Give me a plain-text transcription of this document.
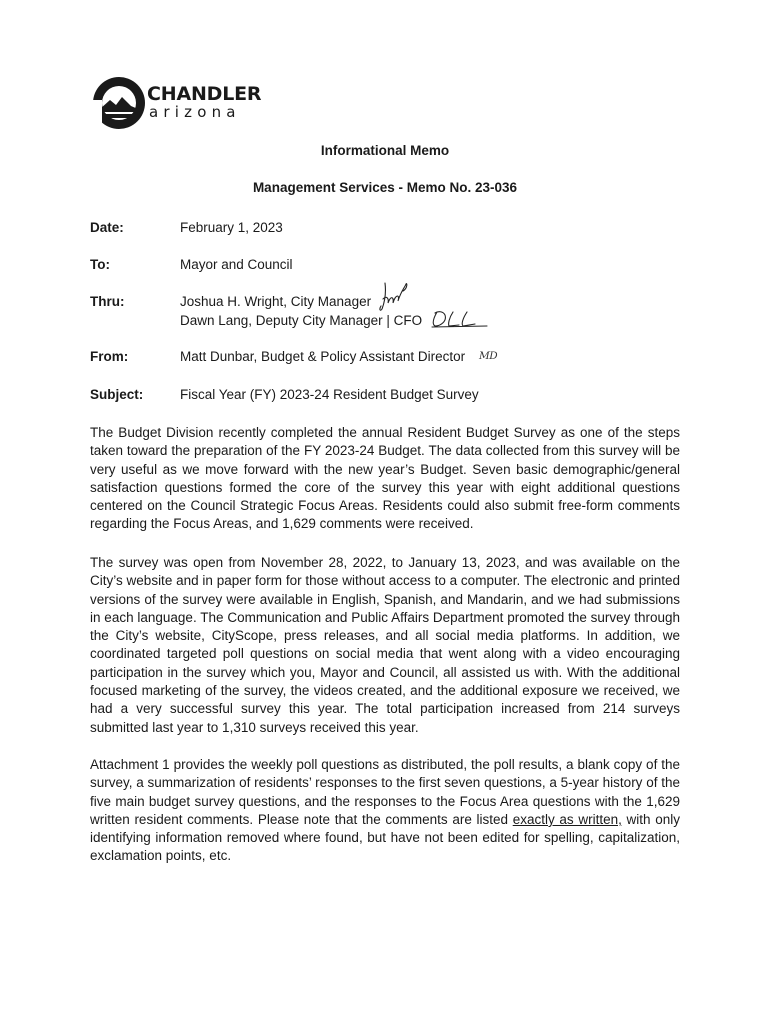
CHANDLER
arizona
Informational Memo
Management Services - Memo No. 23-036
Date:	February 1, 2023
To:	Mayor and Council
Thru:	Joshua H. Wright, City Manager
Dawn Lang, Deputy City Manager | CFO
From:	Matt Dunbar, Budget & Policy Assistant Director MD
Subject:	Fiscal Year (FY) 2023-24 Resident Budget Survey

The Budget Division recently completed the annual Resident Budget Survey as one of the steps taken toward the preparation of the FY 2023-24 Budget. The data collected from this survey will be very useful as we move forward with the new year’s Budget. Seven basic demographic/general satisfaction questions formed the core of the survey this year with eight additional questions centered on the Council Strategic Focus Areas. Residents could also submit free-form comments regarding the Focus Areas, and 1,629 comments were received.

The survey was open from November 28, 2022, to January 13, 2023, and was available on the City’s website and in paper form for those without access to a computer. The electronic and printed versions of the survey were available in English, Spanish, and Mandarin, and we had submissions in each language. The Communication and Public Affairs Department promoted the survey through the City’s website, CityScope, press releases, and all social media platforms. In addition, we coordinated targeted poll questions on social media that went along with a video encouraging participation in the survey which you, Mayor and Council, all assisted us with. With the additional focused marketing of the survey, the videos created, and the additional exposure we received, we had a very successful survey this year. The total participation increased from 214 surveys submitted last year to 1,310 surveys received this year.

Attachment 1 provides the weekly poll questions as distributed, the poll results, a blank copy of the survey, a summarization of residents’ responses to the first seven questions, a 5-year history of the five main budget survey questions, and the responses to the Focus Area questions with the 1,629 written resident comments. Please note that the comments are listed exactly as written, with only identifying information removed where found, but have not been edited for spelling, capitalization, exclamation points, etc.
